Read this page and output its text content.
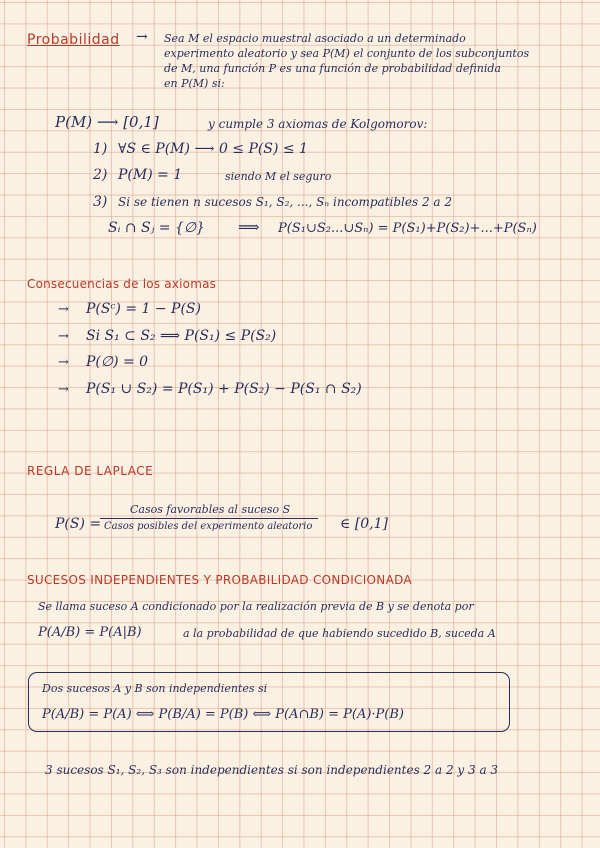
Probabilidad → Sea M el espacio muestral asociado a un determinado
experimento aleatorio y sea P(M) el conjunto de los subconjuntos
de M, una función P es una función de probabilidad definida
en P(M) si:
P(M) ⟶ [0,1]	y cumple 3 axiomas de Kolgomorov:
1) ∀S ∈ P(M) ⟶ 0 ≤ P(S) ≤ 1
2) P(M) = 1	siendo M el seguro
3) Si se tienen n sucesos S₁, S₂, ..., Sₙ incompatibles 2 a 2
Sᵢ ∩ Sⱼ = {∅} ⟹ P(S₁∪S₂...∪Sₙ) = P(S₁)+P(S₂)+...+P(Sₙ)
Consecuencias de los axiomas
→ P(Sᶜ) = 1 − P(S)
→ Si S₁ ⊂ S₂ ⟹ P(S₁) ≤ P(S₂)
→ P(∅) = 0
→ P(S₁ ∪ S₂) = P(S₁) + P(S₂) − P(S₁ ∩ S₂)
REGLA DE LAPLACE
P(S) =
Casos favorables al suceso S
Casos posibles del experimento aleatorio ∈ [0,1]
SUCESOS INDEPENDIENTES Y PROBABILIDAD CONDICIONADA
Se llama suceso A condicionado por la realización previa de B y se denota por
P(A/B) = P(A|B)	a la probabilidad de que habiendo sucedido B, suceda A
Dos sucesos A y B son independientes si
P(A/B) = P(A) ⟺ P(B/A) = P(B) ⟺ P(A∩B) = P(A)·P(B)
3 sucesos S₁, S₂, S₃ son independientes si son independientes 2 a 2 y 3 a 3
